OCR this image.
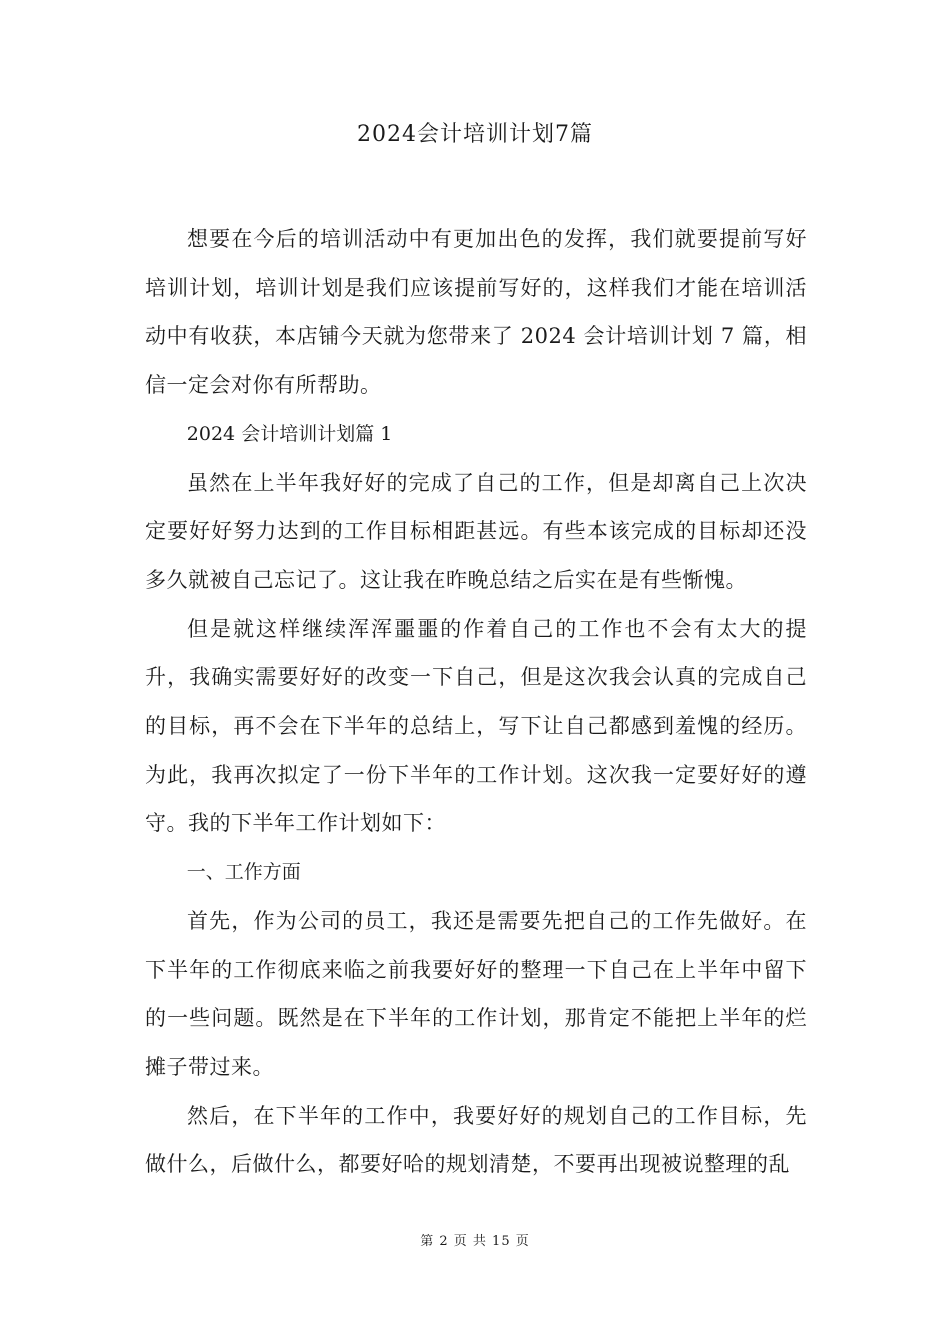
2024会计培训计划7篇

想要在今后的培训活动中有更加出色的发挥，我们就要提前写好培训计划，培训计划是我们应该提前写好的，这样我们才能在培训活动中有收获，本店铺今天就为您带来了 2024 会计培训计划 7 篇，相信一定会对你有所帮助。

2024 会计培训计划篇 1

虽然在上半年我好好的完成了自己的工作，但是却离自己上次决定要好好努力达到的工作目标相距甚远。有些本该完成的目标却还没多久就被自己忘记了。这让我在昨晚总结之后实在是有些惭愧。

但是就这样继续浑浑噩噩的作着自己的工作也不会有太大的提升，我确实需要好好的改变一下自己，但是这次我会认真的完成自己的目标，再不会在下半年的总结上，写下让自己都感到羞愧的经历。为此，我再次拟定了一份下半年的工作计划。这次我一定要好好的遵守。我的下半年工作计划如下：

一、工作方面

首先，作为公司的员工，我还是需要先把自己的工作先做好。在下半年的工作彻底来临之前我要好好的整理一下自己在上半年中留下的一些问题。既然是在下半年的工作计划，那肯定不能把上半年的烂摊子带过来。

然后，在下半年的工作中，我要好好的规划自己的工作目标，先做什么，后做什么，都要好哈的规划清楚，不要再出现被说整理的乱

第 2 页 共 15 页
